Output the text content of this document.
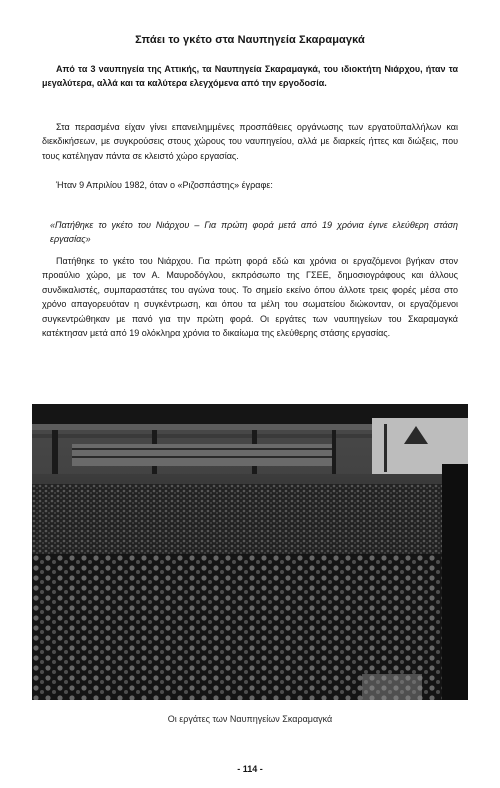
Σπάει το γκέτο στα Ναυπηγεία Σκαραμαγκά

Από τα 3 ναυπηγεία της Αττικής, τα Ναυπηγεία Σκαραμαγκά, του ιδιοκτήτη Νιάρχου, ήταν τα μεγαλύτερα, αλλά και τα καλύτερα ελεγχόμενα από την εργοδοσία.

Στα περασμένα είχαν γίνει επανειλημμένες προσπάθειες οργάνωσης των εργατοϋπαλλήλων και διεκδικήσεων, με συγκρούσεις στους χώρους του ναυπηγείου, αλλά με διαρκείς ήττες και διώξεις, που τους κατέληγαν πάντα σε κλειστό χώρο εργασίας.

Ήταν 9 Απριλίου 1982, όταν ο «Ριζοσπάστης» έγραφε:

«Πατήθηκε το γκέτο του Νιάρχου – Για πρώτη φορά μετά από 19 χρόνια έγινε ελεύθερη στάση εργασίας»

Πατήθηκε το γκέτο του Νιάρχου. Για πρώτη φορά εδώ και χρόνια οι εργαζόμενοι βγήκαν στον προαύλιο χώρο, με τον Α. Μαυροδόγλου, εκπρόσωπο της ΓΣΕΕ, δημοσιογράφους και άλλους συνδικαλιστές, συμπαραστάτες του αγώνα τους. Το σημείο εκείνο όπου άλλοτε τρεις φορές μέσα στο χρόνο απαγορευόταν η συγκέντρωση, και όπου τα μέλη του σωματείου διώκονταν, οι εργαζόμενοι συγκεντρώθηκαν με πανό για την πρώτη φορά. Οι εργάτες των ναυπηγείων του Σκαραμαγκά κατέκτησαν μετά από 19 ολόκληρα χρόνια το δικαίωμα της ελεύθερης στάσης εργασίας.

Οι εργάτες των Ναυπηγείων Σκαραμαγκά
- 114 -
